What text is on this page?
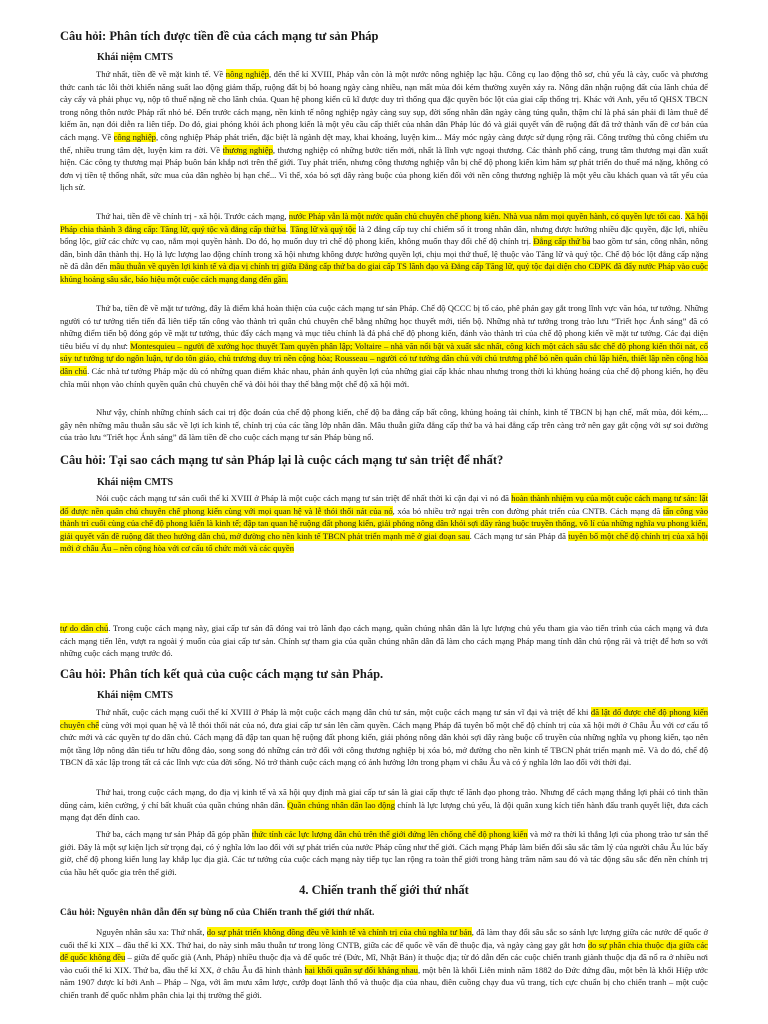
Câu hỏi: Phân tích được tiền đề của cách mạng tư sản Pháp
Khái niệm CMTS

Thứ nhất, tiền đề về mặt kinh tế. Về nông nghiệp, đến thế kỉ XVIII, Pháp vẫn còn là một nước nông nghiệp lạc hậu. Công cụ lao động thô sơ, chủ yếu là cày, cuốc và phương thức canh tác lỗi thời khiến năng suất lao động giảm thấp, ruộng đất bị bỏ hoang ngày càng nhiều, nạn mất mùa đói kém thường xuyên xảy ra. Nông dân nhận ruộng đất của lãnh chúa để cày cấy và phải phục vụ, nộp tô thuế nặng nề cho lãnh chúa. Quan hệ phong kiến cũ kĩ được duy trì thống qua đặc quyền bóc lột của giai cấp thống trị. Khác với Anh, yếu tố QHSX TBCN trong nông thôn nước Pháp rất nhỏ bé. Đến trước cách mạng, nền kinh tế nông nghiệp ngày càng suy sụp, đời sống nhân dân ngày càng túng quẫn, thậm chí là phá sản phải đi làm thuê để kiếm ăn, nạn đói diễn ra liên tiếp. Do đó, giai phóng khỏi ách phong kiến là một yêu cầu cấp thiết của nhân dân Pháp lúc đó và giải quyết vấn đề ruộng đất đã trở thành vấn đề cơ bản của cách mạng. Về công nghiệp, công nghiệp Pháp phát triển, đặc biệt là ngành dệt may, khai khoáng, luyện kim... Máy móc ngày càng được sử dụng rộng rãi. Công trường thủ công chiếm ưu thế, nhiều trung tâm dệt, luyện kim ra đời. Về thương nghiệp, thương nghiệp có những bước tiến mới, nhất là lĩnh vực ngoại thương. Các thành phố cảng, trung tâm thương mại dần xuất hiện. Các công ty thương mại Pháp buôn bán khắp nơi trên thế giới. Tuy phát triển, nhưng công thương nghiệp vẫn bị chế độ phong kiến kìm hãm sự phát triển do thuế má nặng, không có đơn vị tiền tệ thống nhất, sức mua của dân nghèo bị hạn chế... Vì thế, xóa bỏ sợi dây ràng buộc của phong kiến đối với nền công thương nghiệp là một yêu cầu khách quan và tất yếu của lịch sử.

Thứ hai, tiền đề về chính trị - xã hội. Trước cách mạng, nước Pháp vẫn là một nước quân chủ chuyên chế phong kiến. Nhà vua nắm mọi quyền hành, có quyền lực tối cao. Xã hội Pháp chia thành 3 đẳng cấp: Tăng lữ, quý tộc và đẳng cấp thứ ba. Tăng lữ và quý tộc là 2 đẳng cấp tuy chỉ chiếm số ít trong nhân dân, nhưng được hưởng nhiều đặc quyền, đặc lợi, nhiều bổng lộc, giữ các chức vụ cao, nắm mọi quyền hành. Do đó, họ muốn duy trì chế độ phong kiến, không muốn thay đổi chế độ chính trị. Đẳng cấp thứ ba bao gồm tư sản, công nhân, nông dân, bình dân thành thị. Họ là lực lượng lao động chính trong xã hội nhưng không được hưởng quyền lợi, chịu mọi thứ thuế, lệ thuộc vào Tăng lữ và quý tộc. Chế độ bóc lột đẳng cấp nặng nề đã dẫn đến mâu thuẫn về quyền lợi kinh tế và địa vị chính trị giữa Đẳng cấp thứ ba do giai cấp TS lãnh đạo và Đẳng cấp Tăng lữ, quý tộc đại diện cho CĐPK đã đẩy nước Pháp vào cuộc khủng hoảng sâu sắc, báo hiệu một cuộc cách mạng đang đến gần.

Thứ ba, tiền đề về mặt tư tưởng, đây là điểm khá hoàn thiện của cuộc cách mạng tư sản Pháp. Chế độ QCCC bị tố cáo, phê phán gay gắt trong lĩnh vực văn hóa, tư tưởng. Những người có tư tưởng tiến tiến đã liên tiếp tấn công vào thành trì quân chủ chuyên chế bằng những học thuyết mới, tiến bộ. Những nhà tư tưởng trong trào lưu “Triết học Ánh sáng” đã có những điểm tiến bộ đóng góp về mặt tư tưởng, thúc đẩy cách mạng và mục tiêu chính là đả phá chế độ phong kiến, đánh vào thành trì của chế độ phong kiến về mặt tư tưởng. Các đại diện tiêu biểu ví dụ như: Montesquieu – người đề xướng học thuyết Tam quyền phân lập; Voltaire – nhà văn nổi bật và xuất sắc nhất, công kích một cách sâu sắc chế độ phong kiến thối nát, cổ súy tư tưởng tự do ngôn luận, tự do tôn giáo, chủ trương duy trì nền cộng hòa; Rousseau – người có tư tưởng dân chủ với chủ trương phế bỏ nền quân chủ lập hiến, thiết lập nền cộng hòa dân chủ. Các nhà tư tưởng Pháp mặc dù có những quan điểm khác nhau, phản ánh quyền lợi của những giai cấp khác nhau nhưng trong thời kì khủng hoảng của chế độ phong kiến, họ đều chĩa mũi nhọn vào chính quyền quân chủ chuyên chế và đòi hỏi thay thế bằng một chế độ xã hội mới.

Như vậy, chính những chính sách cai trị độc đoán của chế độ phong kiến, chế độ ba đẳng cấp bất công, khủng hoảng tài chính, kinh tế TBCN bị hạn chế, mất mùa, đói kém,... gây nên những mâu thuẫn sâu sắc về lợi ích kinh tế, chính trị của các tầng lớp nhân dân. Mâu thuẫn giữa đẳng cấp thứ ba và hai đẳng cấp trên càng trở nên gay gắt cộng với sự soi đường của trào lưu “Triết học Ánh sáng” đã làm tiền đề cho cuộc cách mạng tư sản Pháp bùng nổ.

Câu hỏi: Tại sao cách mạng tư sản Pháp lại là cuộc cách mạng tư sản triệt để nhất?
Khái niệm CMTS

Nói cuộc cách mạng tư sản cuối thế kỉ XVIII ở Pháp là một cuộc cách mạng tư sản triệt để nhất thời kì cận đại vì nó đã hoàn thành nhiệm vụ của một cuộc cách mạng tư sản: lật đổ được nền quân chủ chuyên chế phong kiến cùng với mọi quan hệ và lễ thói thối nát của nó, xóa bỏ nhiều trở ngại trên con đường phát triển của CNTB. Cách mạng đã tấn công vào thành trì cuối cùng của chế độ phong kiến là kinh tế; đập tan quan hệ ruộng đất phong kiến, giải phóng nông dân khỏi sợi dây ràng buộc truyền thống, vô lí của những nghĩa vụ phong kiến, giải quyết vấn đề ruộng đất theo hướng dân chủ, mở đường cho nền kinh tế TBCN phát triển mạnh mẽ ở giai đoạn sau. Cách mạng tư sản Pháp đã tuyên bố một chế độ chính trị của xã hội mới ở châu Âu – nền cộng hòa với cơ cấu tổ chức mới và các quyền

tự do dân chủ. Trong cuộc cách mạng này, giai cấp tư sản đã đóng vai trò lãnh đạo cách mạng, quần chúng nhân dân là lực lượng chủ yếu tham gia vào tiến trình của cách mạng và đưa cách mạng tiến lên, vượt ra ngoài ý muốn của giai cấp tư sản. Chính sự tham gia của quần chúng nhân dân đã làm cho cách mạng Pháp mang tính dân chủ rộng rãi và triệt để hơn so với những cuộc cách mạng trước đó.

Câu hỏi: Phân tích kết quả của cuộc cách mạng tư sản Pháp.
Khái niệm CMTS

Thứ nhất, cuộc cách mạng cuối thế kỉ XVIII ở Pháp là một cuộc cách mạng dân chủ tư sản, một cuộc cách mạng tư sản vĩ đại và triệt để khi đã lật đổ được chế độ phong kiến chuyên chế cùng với mọi quan hệ và lễ thói thối nát của nó, đưa giai cấp tư sản lên cầm quyền. Cách mạng Pháp đã tuyên bố một chế độ chính trị của xã hội mới ở Châu Âu với cơ cấu tổ chức mới và các quyền tự do dân chủ. Cách mạng đã đập tan quan hệ ruộng đất phong kiến, giải phóng nông dân khỏi sợi dây ràng buộc cổ truyền của những nghĩa vụ phong kiến, tạo nên một tầng lớp nông dân tiểu tư hữu đông đảo, song song đó những cản trở đối với công thương nghiệp bị xóa bỏ, mở đường cho nền kinh tế TBCN phát triển mạnh mẽ. Và do đó, chế độ TBCN đã xác lập trong tất cả các lĩnh vực của đời sống. Nó trở thành cuộc cách mạng có ảnh hưởng lớn trong phạm vi châu Âu và có ý nghĩa lớn lao đối với thời đại.

Thứ hai, trong cuộc cách mạng, do địa vị kinh tế và xã hội quy định mà giai cấp tư sản là giai cấp thực tế lãnh đạo phong trào. Nhưng để cách mạng thắng lợi phải có tinh thần dũng cảm, kiên cường, ý chí bất khuất của quần chúng nhân dân. Quần chúng nhân dân lao động chính là lực lượng chủ yếu, là đội quân xung kích tiến hành đấu tranh quyết liệt, đưa cách mạng đạt đến đỉnh cao.

Thứ ba, cách mạng tư sản Pháp đã góp phần thức tỉnh các lực lượng dân chủ trên thế giới đứng lên chống chế độ phong kiến và mở ra thời kì thắng lợi của phong trào tư sản thế giới. Đây là một sự kiện lịch sử trọng đại, có ý nghĩa lớn lao đối với sự phát triển của nước Pháp cũng như thế giới. Cách mạng Pháp làm biến đổi sâu sắc tâm lý của người châu Âu lúc bấy giờ, chế độ phong kiến lung lay khắp lục địa già. Các tư tưởng của cuộc cách mạng này tiếp tục lan rộng ra toàn thế giới trong hàng trăm năm sau đó và tác động sâu sắc đến nền chính trị của hầu hết quốc gia trên thế giới.

4. Chiến tranh thế giới thứ nhất
Câu hỏi: Nguyên nhân dẫn đến sự bùng nổ của Chiến tranh thế giới thứ nhất.

Nguyên nhân sâu xa: Thứ nhất, do sự phát triển không đồng đều về kinh tế và chính trị của chủ nghĩa tư bản, đã làm thay đổi sâu sắc so sánh lực lượng giữa các nước đế quốc ở cuối thế kỉ XIX – đầu thế kỉ XX. Thứ hai, do này sinh mâu thuẫn tư trong lòng CNTB, giữa các đế quốc về vấn đề thuộc địa, và ngày càng gay gắt hơn do sự phân chia thuộc địa giữa các đế quốc không đều – giữa đế quốc già (Anh, Pháp) nhiều thuộc địa và đế quốc trẻ (Đức, Mĩ, Nhật Bản) ít thuộc địa; từ đó dẫn đến các cuộc chiến tranh giành thuộc địa đã nổ ra ở nhiều nơi vào cuối thế kỉ XIX. Thứ ba, đầu thế kỉ XX, ở châu Âu đã hình thành hai khối quân sự đối kháng nhau, một bên là khối Liên minh năm 1882 do Đức đứng đầu, một bên là khối Hiệp ước năm 1907 được kí bởi Anh – Pháp – Nga, với âm mưu xâm lược, cướp đoạt lãnh thổ và thuộc địa của nhau, điên cuồng chạy đua vũ trang, tích cực chuẩn bị cho chiến tranh – một cuộc chiến tranh đế quốc nhằm phân chia lại thị trường thế giới.
